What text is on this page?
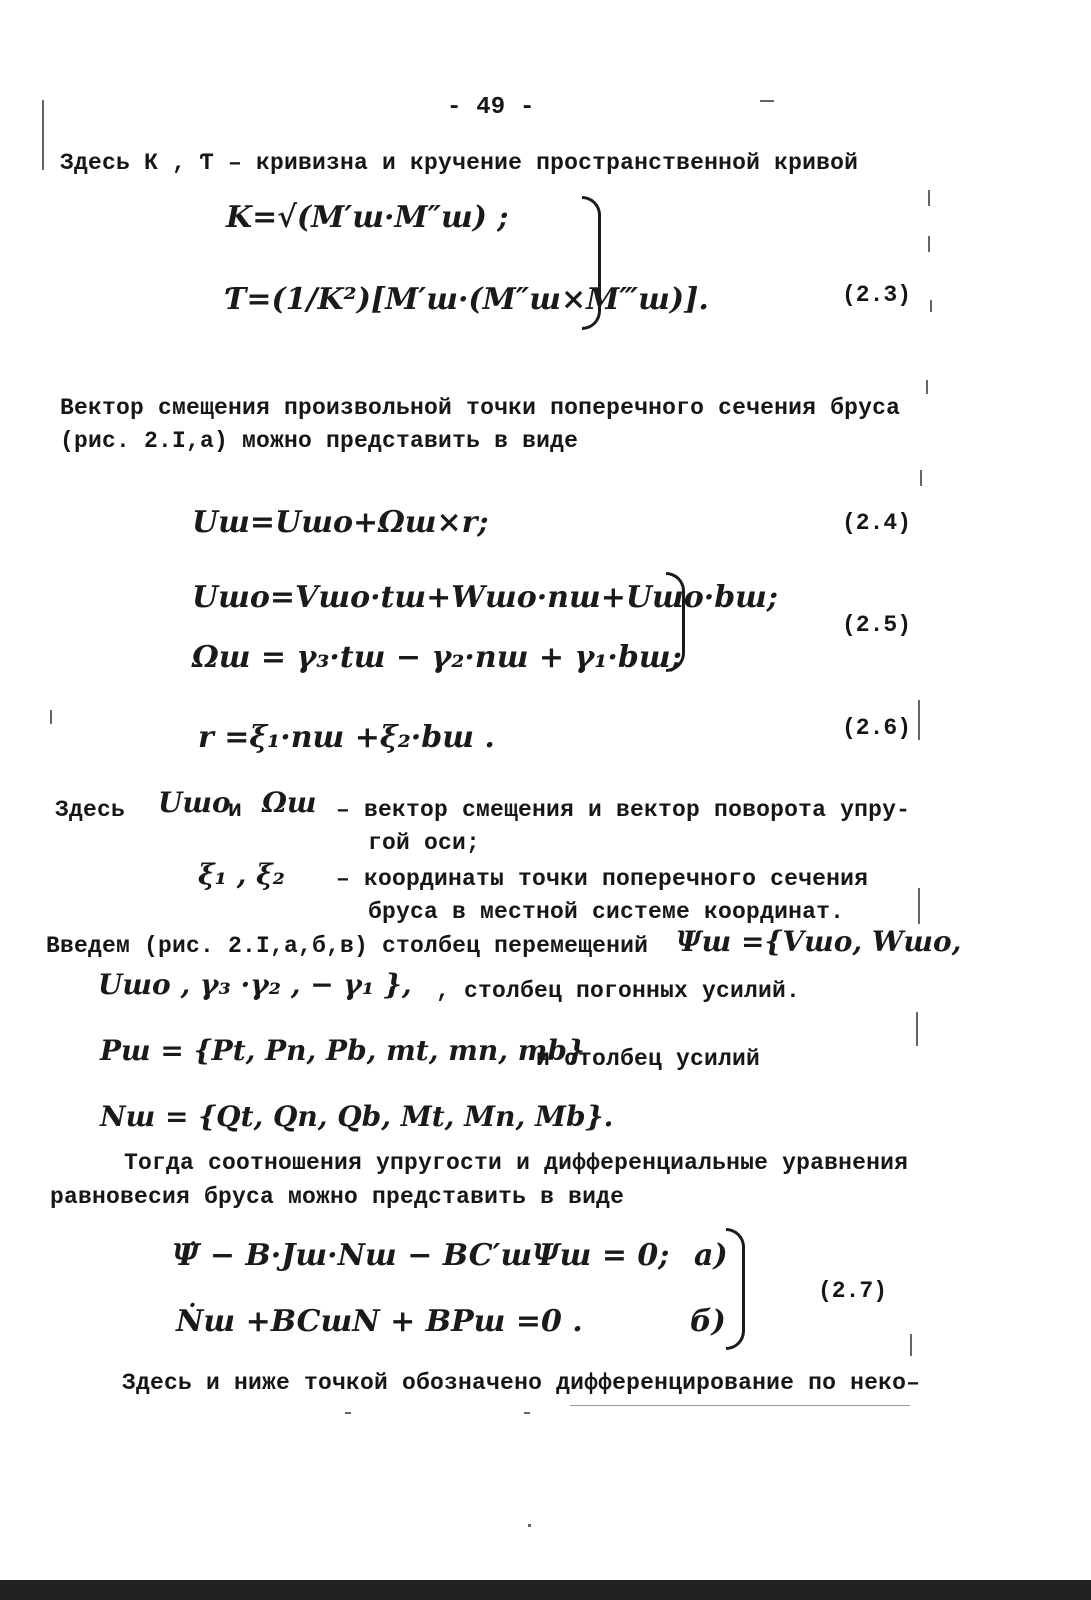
- 49 -
Здесь К , Ƭ – кривизна и кручение пространственной кривой
K=√(M′ш·M″ш) ;
Ƭ=(1/K²)[M′ш·(M″ш×M‴ш)].	(2.3)
Вектор смещения произвольной точки поперечного сечения бруса
(рис. 2.I,а) можно представить в виде
Uш=Uшo+Ωш×r;	(2.4)
Uшo=Vшo·tш+Wшo·nш+Uшo·bш;
Ωш = γ₃·tш − γ₂·nш + γ₁·bш;
(2.5)
r =ξ₁·nш +ξ₂·bш .	(2.6)
Здесь Uшo
и Ωш – вектор смещения и вектор поворота упру-
гой оси;
ξ₁ , ξ₂ – координаты точки поперечного сечения
бруса в местной системе координат.
Введем (рис. 2.I,а,б,в) столбец перемещений Ψш ={Vшo, Wшo,
Uшo , γ₃ ·γ₂ , − γ₁ }, , столбец погонных усилий.
Pш = {Pt, Pn, Pb, mt, mn, mb}
и столбец усилий
Nш = {Qt, Qn, Qb, Mt, Mn, Mb}.
Тогда соотношения упругости и дифференциальные уравнения
равновесия бруса можно представить в виде
Ψ̇ − B·Jш·Nш − BC′шΨш = 0; а)
Ṅш +BCшN + BPш =0 .	б)
(2.7)
Здесь и ниже точкой обозначено дифференцирование по неко–
